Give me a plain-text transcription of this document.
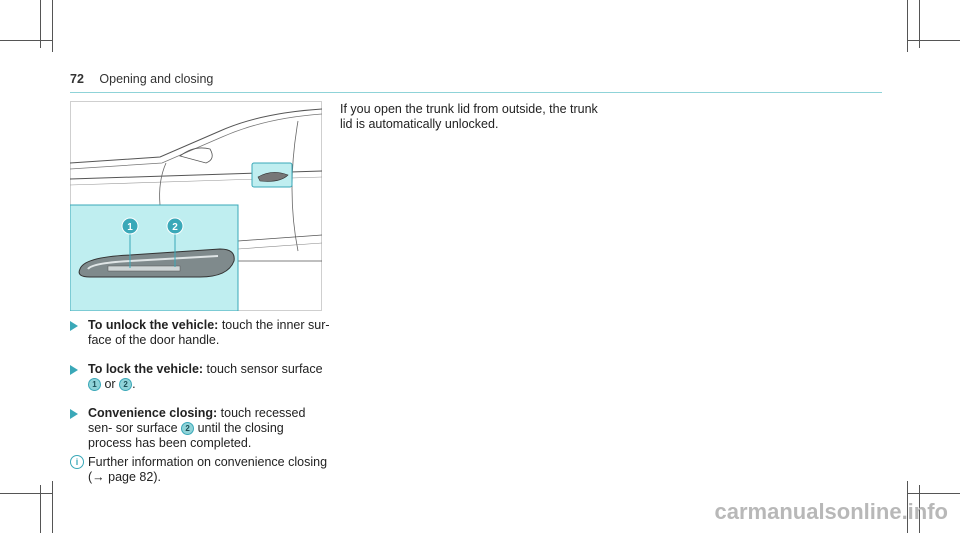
72 Opening and closing
1	2
To unlock the vehicle: touch the inner sur- face of the door handle.
To lock the vehicle: touch sensor surface 1 or 2 .
Convenience closing: touch recessed sen- sor surface 2 until the closing process has been completed.
i Further information on convenience closing (→ page 82).
If you open the trunk lid from outside, the trunk lid is automatically unlocked.
carmanualsonline.info
